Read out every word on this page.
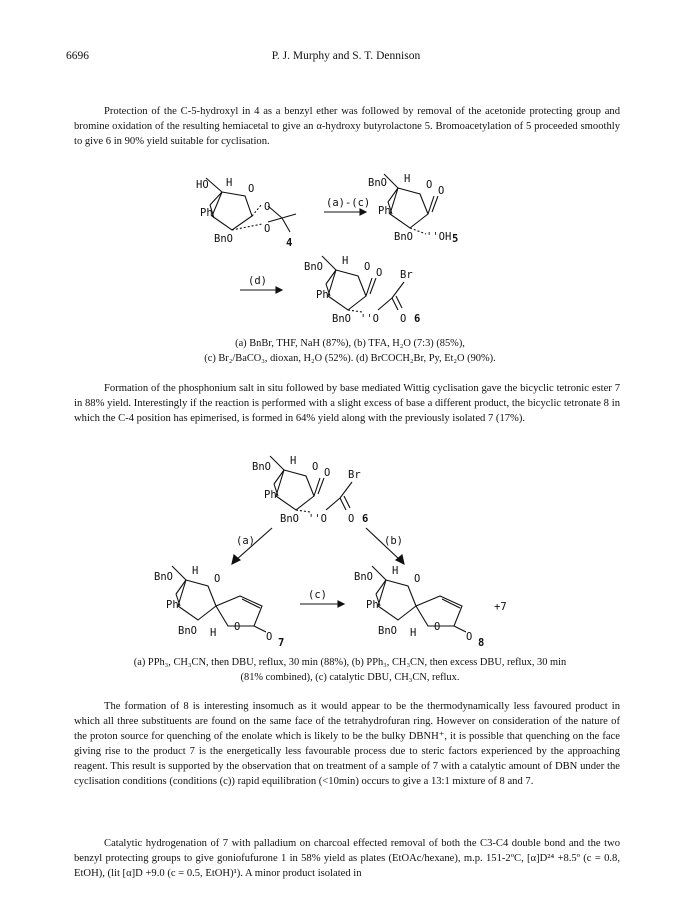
6696	P. J. Murphy and S. T. Dennison
Protection of the C-5-hydroxyl in 4 as a benzyl ether was followed by removal of the acetonide protecting group and bromine oxidation of the resulting hemiacetal to give an α-hydroxy butyrolactone 5. Bromoacetylation of 5 proceeded smoothly to give 6 in 90% yield suitable for cyclisation.
HO H O
O
O
Ph
BnO	4
(a)-(c)
BnO H O O
Ph
BnO ''OH 5
(d)
BnO H O O Br
Ph
BnO ''O O 6
(a) BnBr, THF, NaH (87%), (b) TFA, H₂O (7:3) (85%),
(c) Br₂/BaCO₃, dioxan, H₂O (52%). (d) BrCOCH₂Br, Py, Et₂O (90%).
Formation of the phosphonium salt in situ followed by base mediated Wittig cyclisation gave the bicyclic tetronic ester 7 in 88% yield. Interestingly if the reaction is performed with a slight excess of base a different product, the bicyclic tetronate 8 in which the C-4 position has epimerised, is formed in 64% yield along with the previously isolated 7 (17%).
BnO H O O Br
Ph
BnO ''O O 6
(a)	(b)
BnO H
O
Ph
BnO H O
O 7
(c)
BnO H
O
Ph
BnO H O
O 8
+7
(a) PPh₃, CH₃CN, then DBU, reflux, 30 min (88%), (b) PPh₃, CH₃CN, then excess DBU, reflux, 30 min
(81% combined), (c) catalytic DBU, CH₃CN, reflux.
The formation of 8 is interesting insomuch as it would appear to be the thermodynamically less favoured product in which all three substituents are found on the same face of the tetrahydrofuran ring. However on consideration of the nature of the proton source for quenching of the enolate which is likely to be the bulky DBNH⁺, it is possible that quenching on the face giving rise to the product 7 is the energetically less favourable process due to steric factors experienced by the approaching reagent. This result is supported by the observation that on treatment of a sample of 7 with a catalytic amount of DBN under the cyclisation conditions (conditions (c)) rapid equilibration (<10min) occurs to give a 13:1 mixture of 8 and 7.
Catalytic hydrogenation of 7 with palladium on charcoal effected removal of both the C3-C4 double bond and the two benzyl protecting groups to give goniofufurone 1 in 58% yield as plates (EtOAc/hexane), m.p. 151-2ºC, [α]D²⁴ +8.5º (c = 0.8, EtOH), (lit [α]D +9.0 (c = 0.5, EtOH)¹). A minor product isolated in
